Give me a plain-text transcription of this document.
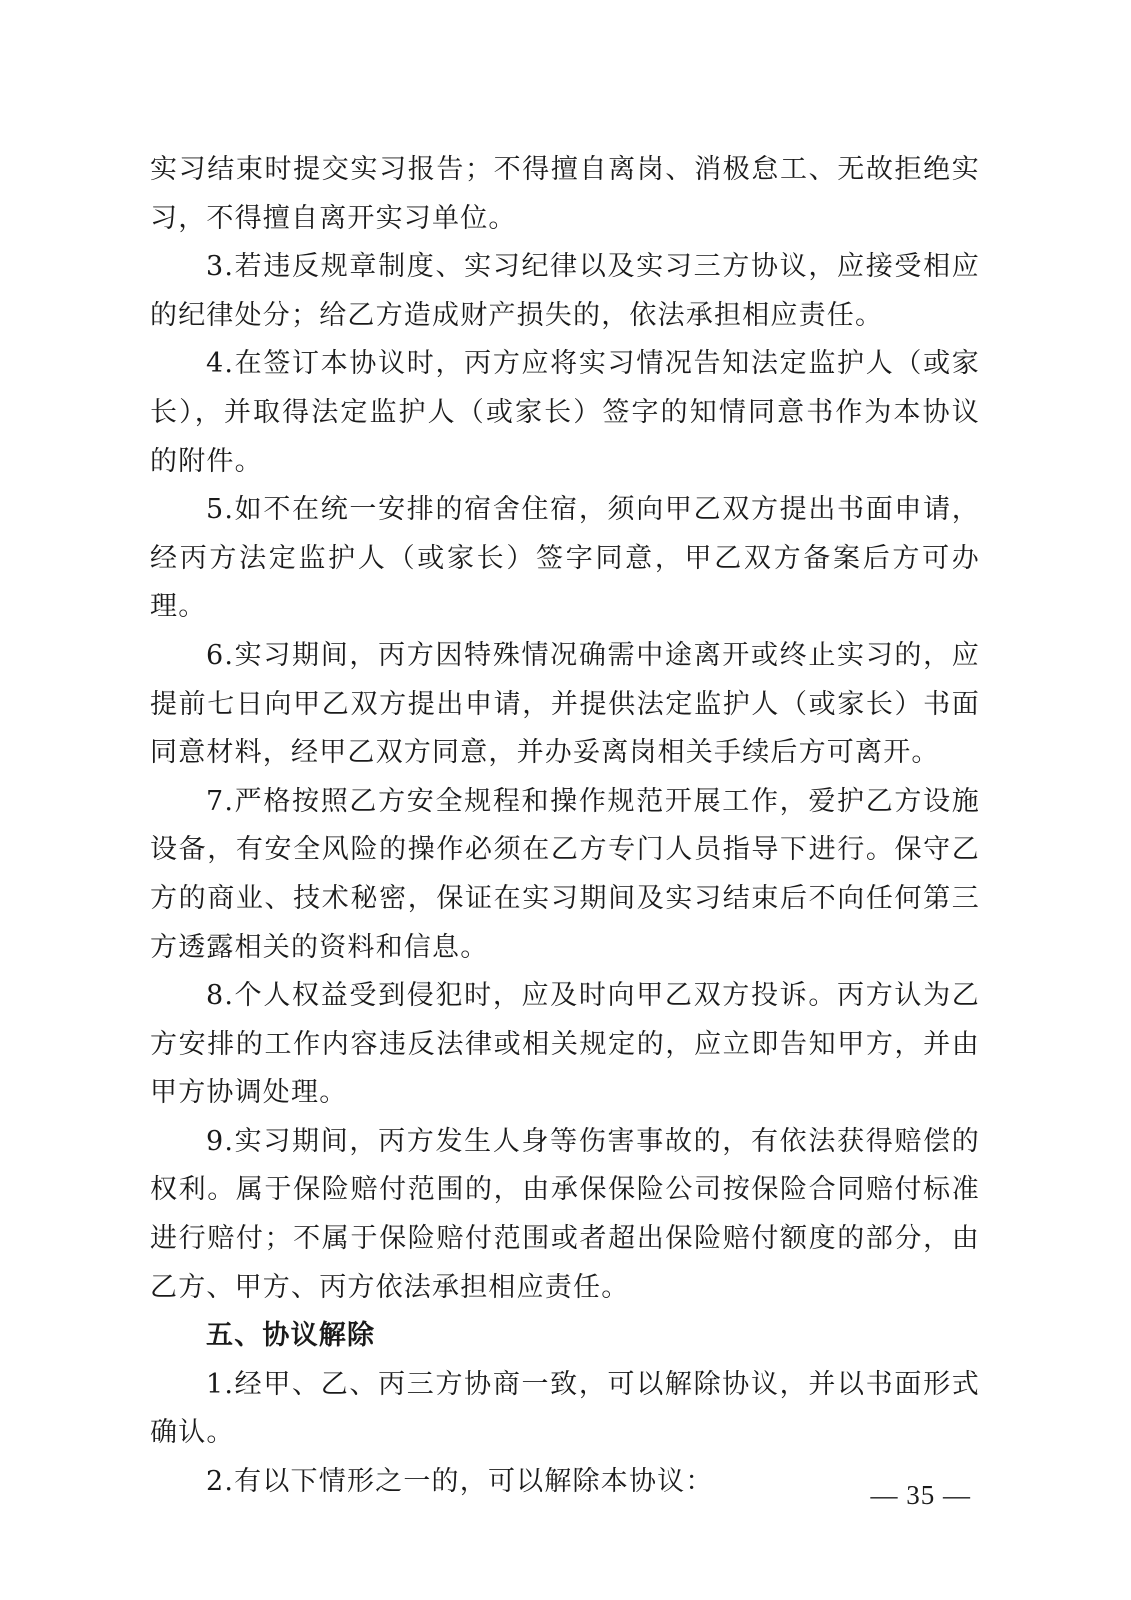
实习结束时提交实习报告；不得擅自离岗、消极怠工、无故拒绝实习，不得擅自离开实习单位。

3.若违反规章制度、实习纪律以及实习三方协议，应接受相应的纪律处分；给乙方造成财产损失的，依法承担相应责任。

4.在签订本协议时，丙方应将实习情况告知法定监护人（或家长），并取得法定监护人（或家长）签字的知情同意书作为本协议的附件。

5.如不在统一安排的宿舍住宿，须向甲乙双方提出书面申请，经丙方法定监护人（或家长）签字同意，甲乙双方备案后方可办理。

6.实习期间，丙方因特殊情况确需中途离开或终止实习的，应提前七日向甲乙双方提出申请，并提供法定监护人（或家长）书面同意材料，经甲乙双方同意，并办妥离岗相关手续后方可离开。

7.严格按照乙方安全规程和操作规范开展工作，爱护乙方设施设备，有安全风险的操作必须在乙方专门人员指导下进行。保守乙方的商业、技术秘密，保证在实习期间及实习结束后不向任何第三方透露相关的资料和信息。

8.个人权益受到侵犯时，应及时向甲乙双方投诉。丙方认为乙方安排的工作内容违反法律或相关规定的，应立即告知甲方，并由甲方协调处理。

9.实习期间，丙方发生人身等伤害事故的，有依法获得赔偿的权利。属于保险赔付范围的，由承保保险公司按保险合同赔付标准进行赔付；不属于保险赔付范围或者超出保险赔付额度的部分，由乙方、甲方、丙方依法承担相应责任。

五、协议解除

1.经甲、乙、丙三方协商一致，可以解除协议，并以书面形式确认。

2.有以下情形之一的，可以解除本协议：	— 35 —
